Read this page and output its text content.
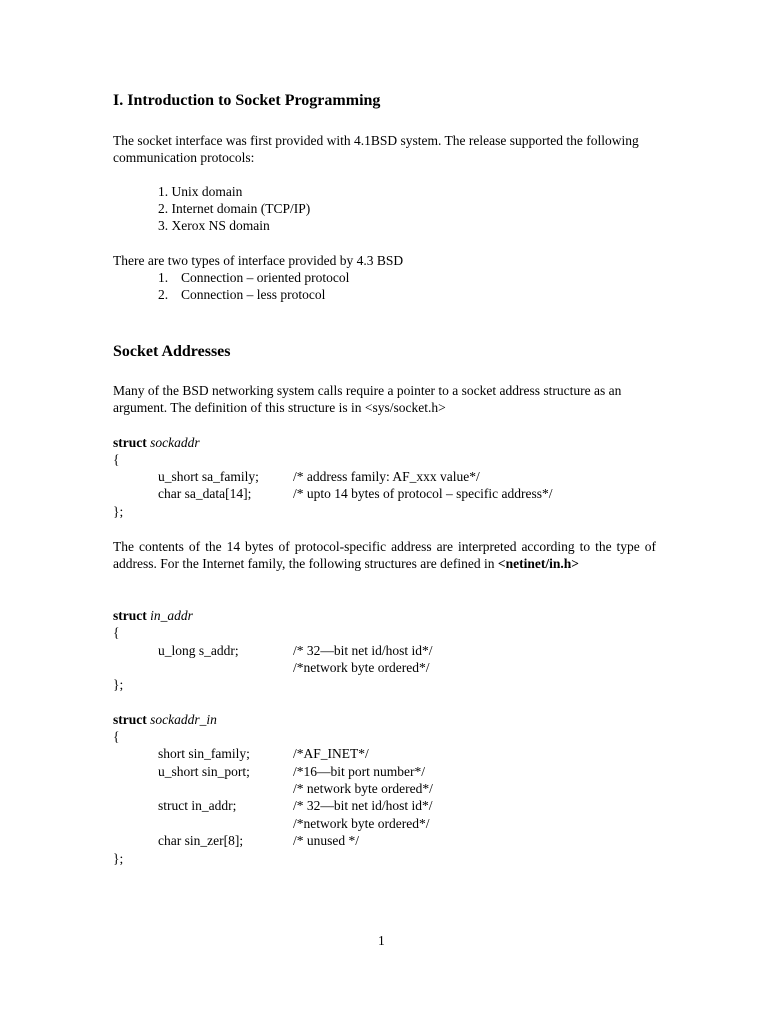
I. Introduction to Socket Programming

The socket interface was first provided with 4.1BSD system. The release supported the following communication protocols:

1. Unix domain
2. Internet domain (TCP/IP)
3. Xerox NS domain
There are two types of interface provided by 4.3 BSD
1. Connection – oriented protocol
2. Connection – less protocol
Socket Addresses

Many of the BSD networking system calls require a pointer to a socket address structure as an argument. The definition of this structure is in <sys/socket.h>

struct sockaddr
{
u_short sa_family;	/* address family: AF_xxx value*/
char sa_data[14];	/* upto 14 bytes of protocol – specific address*/
};

The contents of the 14 bytes of protocol-specific address are interpreted according to the type of address. For the Internet family, the following structures are defined in <netinet/in.h>

struct in_addr
{
u_long s_addr;	/* 32—bit net id/host id*/
/*network byte ordered*/
};
struct sockaddr_in
{
short sin_family;	/*AF_INET*/
u_short sin_port;	/*16—bit port number*/
/* network byte ordered*/
struct in_addr;	/* 32—bit net id/host id*/
/*network byte ordered*/
char sin_zer[8];	/* unused */
};
1
